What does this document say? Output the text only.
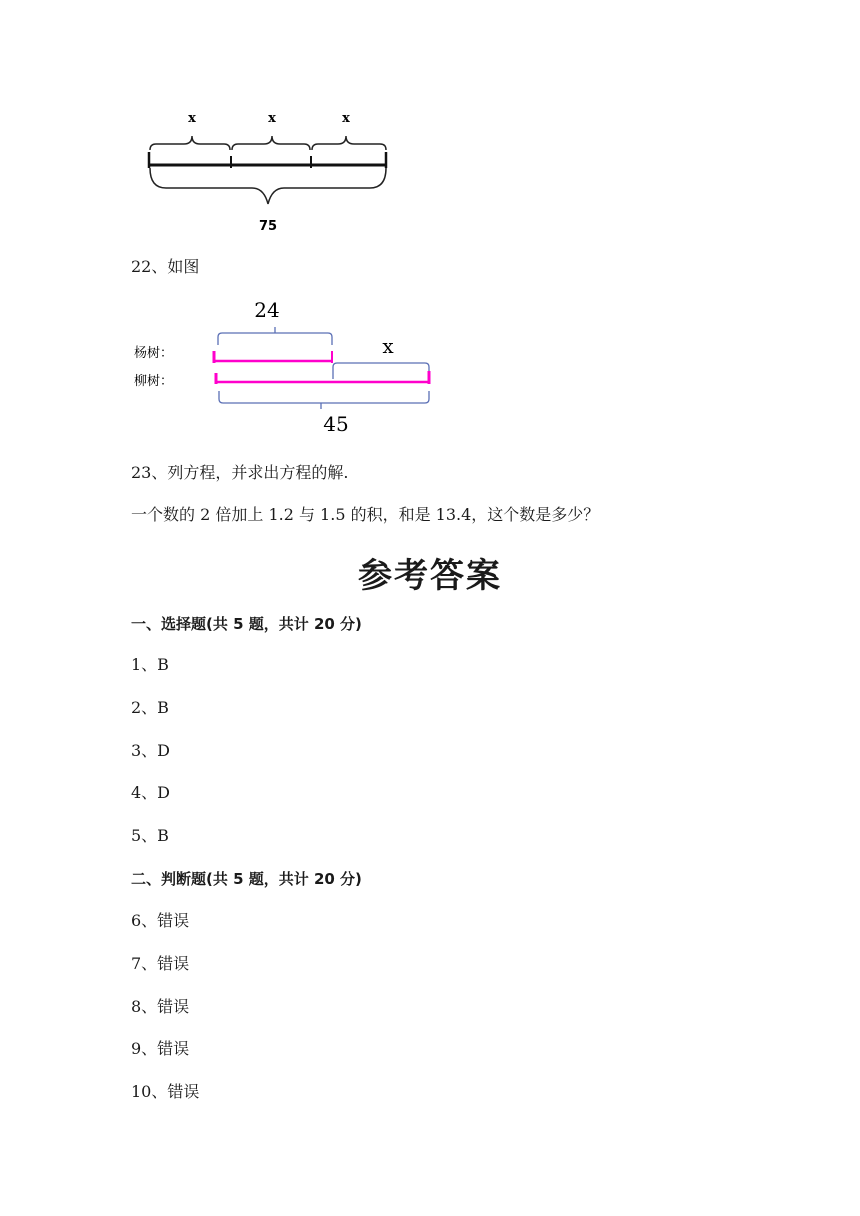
x	x	x
75
22、如图
24
杨树：	x
柳树：
45
23、列方程，并求出方程的解.
一个数的 2 倍加上 1.2 与 1.5 的积，和是 13.4，这个数是多少？
参考答案
一、选择题(共 5 题，共计 20 分)
1、B
2、B
3、D
4、D
5、B
二、判断题(共 5 题，共计 20 分)
6、错误
7、错误
8、错误
9、错误
10、错误
